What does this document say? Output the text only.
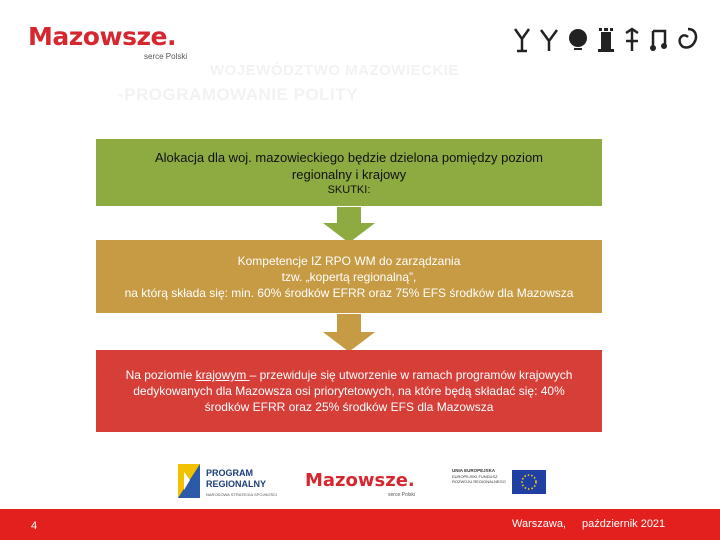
Mazowsze.
serce Polski
WOJEWÓDZTWO MAZOWIECKIE
-PROGRAMOWANIE POLITY
Alokacja dla woj. mazowieckiego będzie dzielona pomiędzy poziom regionalny i krajowy
SKUTKI:
Kompetencje IZ RPO WM do zarządzania
tzw. „kopertą regionalną”,
na którą składa się: min. 60% środków EFRR oraz 75% EFS środków dla Mazowsza
Na poziomie krajowym – przewiduje się utworzenie w ramach programów krajowych dedykowanych dla Mazowsza osi priorytetowych, na które będą składać się: 40% środków EFRR oraz 25% środków EFS dla Mazowsza
PROGRAM
REGIONALNY
NARODOWA STRATEGIA SPÓJNOŚCI
Mazowsze.
serce Polski
UNIA EUROPEJSKA
EUROPEJSKI FUNDUSZ
ROZWOJU REGIONALNEGO
4	Warszawa, październik 2021
